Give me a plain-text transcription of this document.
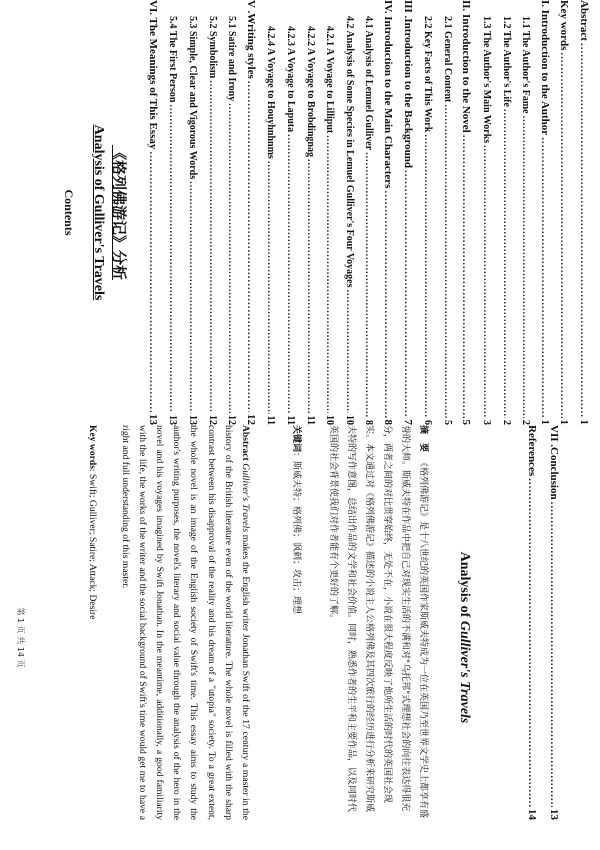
Abstract
.....
1
Key words
.....
1
I. Introduction to the Author
.....
1
1.1 The Author's Fame
.....
2
1.2 The Author's Life
.....
2
1.3 The Author's Main Works
.....
3
II. Introduction to the Novel
.....
5
2.1 General Content
.....
5
2.2 Key Facts of This Work
.....
6
III .Introduction to the Background
.....
7
IV. Introduction to the Main Characters
.....
8
4.1 Analysis of Lemuel Gulliver
.....
8
4.2 Analysis of Some Species in Lemuel Gulliver's Four Voyages
.....
10
4.2.1 A Voyage to Lilliput
.....
10
4.2.2 A Voyage to Brobdingnag
.....
11
4.2.3 A Voyage to Laputa
.....
11
4.2.4 A Voyage to Houyhnhnms
.....
11
V .Writing styles
.....
12
5.1 Satire and Irony
.....
12
5.2 Symbolism
.....
12
5.3 Simple, Clear and Vigorous Words
.....
13
5.4 The First Person
.....
13
VI. The Meanings of This Essay
.....
13
《格列佛游记》分析
Analysis of Gulliver's Travels
Contents
VII .Conclusion
.....
13
References
.....
14
Analysis of Gulliver's Travels
摘　要《格列佛游记》是十八世纪的英国作家斯威夫特成为一位在英国乃至世界文学史上都享有盛誉的大师。斯威夫特在作品中把自己对现实生活的不满和对"乌托邦"式理想社会的向往表达得很充分，两者之间的对比贯穿始终，无处不在，小说在很大程度反映了他所生活的时代的英国社会现实。本文通过对《格列佛游记》描述的小说主人公格列佛及其四次旅行的经历进行分析来研究斯威夫特的写作意图，总结出作品的文学和社会价值。同时，熟悉作者的生平和主要作品，以及同时代英国的社会背景使我们对作者能有个更好的了解。
关键词：斯威夫特；格列佛；讽刺；攻击；理想
Abstract Gulliver's Travels makes the English writer Jonathan Swift of the 17 century a master in the history of the British literature even of the world literature. The whole novel is filled with the sharp contrast between his disapproval of the reality and his dream of a "utopia" society. To a great extent, the whole novel is an image of the English society of Swift's time. This essay aims to study the author's writing purposes, the novel's literary and social value through the analysis of the hero in the novel and his voyages imagined by Swift Jonathan. In the meantime, additionally, a good familiarity with the life, the works of the writer and the social background of Swift's time would get me to have a right and full understanding of this master.
Key words: Swift; Gulliver; Satire; Attack; Desire
第 1 页 共 14 页
